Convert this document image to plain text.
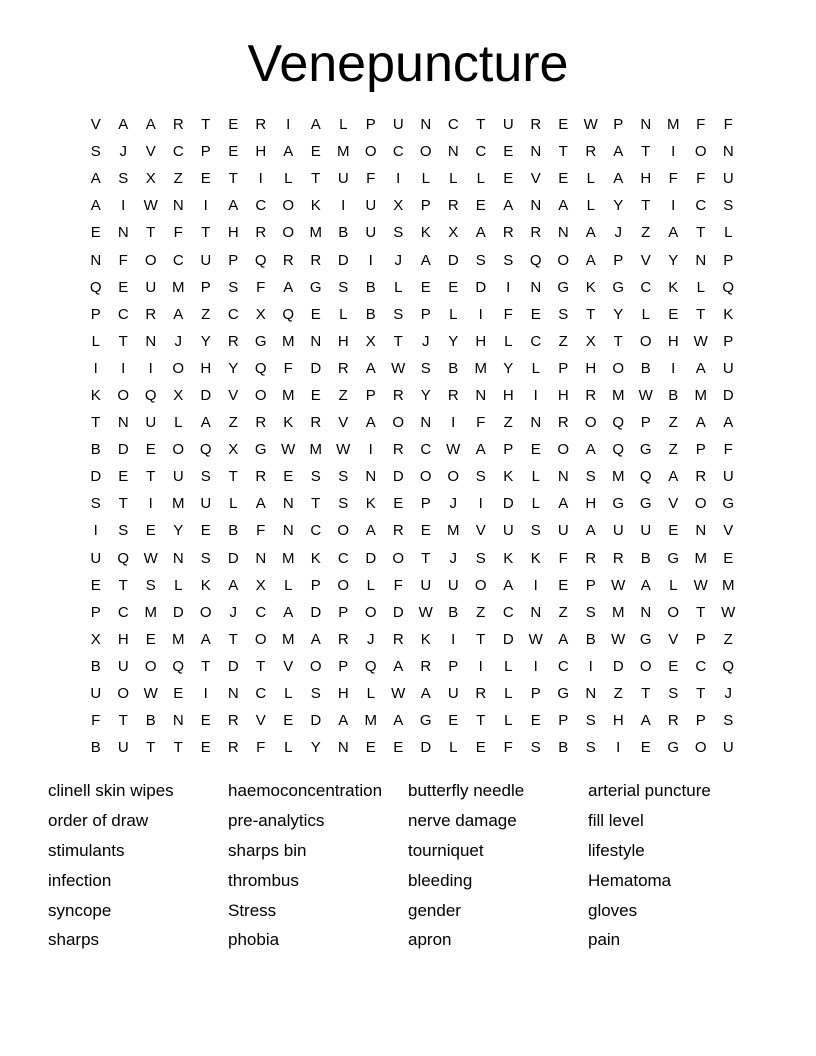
Venepuncture
V	A	A	R	T	E	R	I	A	L	P	U	N	C	T	U	R	E	W	P	N	M	F	F
S	J	V	C	P	E	H	A	E	M	O	C	O	N	C	E	N	T	R	A	T	I	O	N
A	S	X	Z	E	T	I	L	T	U	F	I	L	L	L	E	V	E	L	A	H	F	F	U
A	I	W	N	I	A	C	O	K	I	U	X	P	R	E	A	N	A	L	Y	T	I	C	S
E	N	T	F	T	H	R	O	M	B	U	S	K	X	A	R	R	N	A	J	Z	A	T	L
N	F	O	C	U	P	Q	R	R	D	I	J	A	D	S	S	Q	O	A	P	V	Y	N	P
Q	E	U	M	P	S	F	A	G	S	B	L	E	E	D	I	N	G	K	G	C	K	L	Q
P	C	R	A	Z	C	X	Q	E	L	B	S	P	L	I	F	E	S	T	Y	L	E	T	K
L	T	N	J	Y	R	G	M	N	H	X	T	J	Y	H	L	C	Z	X	T	O	H W	P
I	I	I	O	H	Y	Q	F	D	R	A	W	S	B	M	Y	L	P	H	O	B	I	A	U
K	O	Q	X	D	V	O	M	E	Z	P	R	Y	R	N	H	I	H	R	M W	B	M	D
T	N	U	L	A	Z	R	K	R	V	A	O	N	I	F	Z	N	R	O	Q	P	Z	A	A
B	D	E	O	Q	X	G W M W	I	R	C W	A	P	E	O	A	Q	G	Z	P	F
D	E	T	U	S	T	R	E	S	S	N	D	O	O	S	K	L	N	S	M	Q	A	R	U
S	T	I	M	U	L	A	N	T	S	K	E	P	J	I	D	L	A	H	G	G	V	O	G
I	S	E	Y	E	B	F	N	C	O	A	R	E	M	V	U	S	U	A	U	U	E	N	V
U	Q W	N	S	D	N	M	K	C	D	O	T	J	S	K	K	F	R	R	B	G	M	E
E	T	S	L	K	A	X	L	P	O	L	F	U	U	O	A	I	E	P	W	A	L	W M
P	C	M	D	O	J	C	A	D	P	O	D W	B	Z	C	N	Z	S	M	N	O	T	W
X	H	E	M	A	T	O	M	A	R	J	R	K	I	T	D W	A	B	W G	V	P	Z
B	U	O	Q	T	D	T	V	O	P	Q	A	R	P	I	L	I	C	I	D	O	E	C	Q
U	O W	E	I	N	C	L	S	H	L	W	A	U	R	L	P	G	N	Z	T	S	T	J
F	T	B	N	E	R	V	E	D	A	M	A	G	E	T	L	E	P	S	H	A	R	P	S
B	U	T	T	E	R	F	L	Y	N	E	E	D	L	E	F	S	B	S	I	E	G	O	U
clinell skin wipes	haemoconcentration	butterfly needle	arterial puncture
order of draw	pre-analytics	nerve damage	fill level
stimulants	sharps bin	tourniquet	lifestyle
infection	thrombus	bleeding	Hematoma
syncope	Stress	gender	gloves
sharps	phobia	apron	pain
